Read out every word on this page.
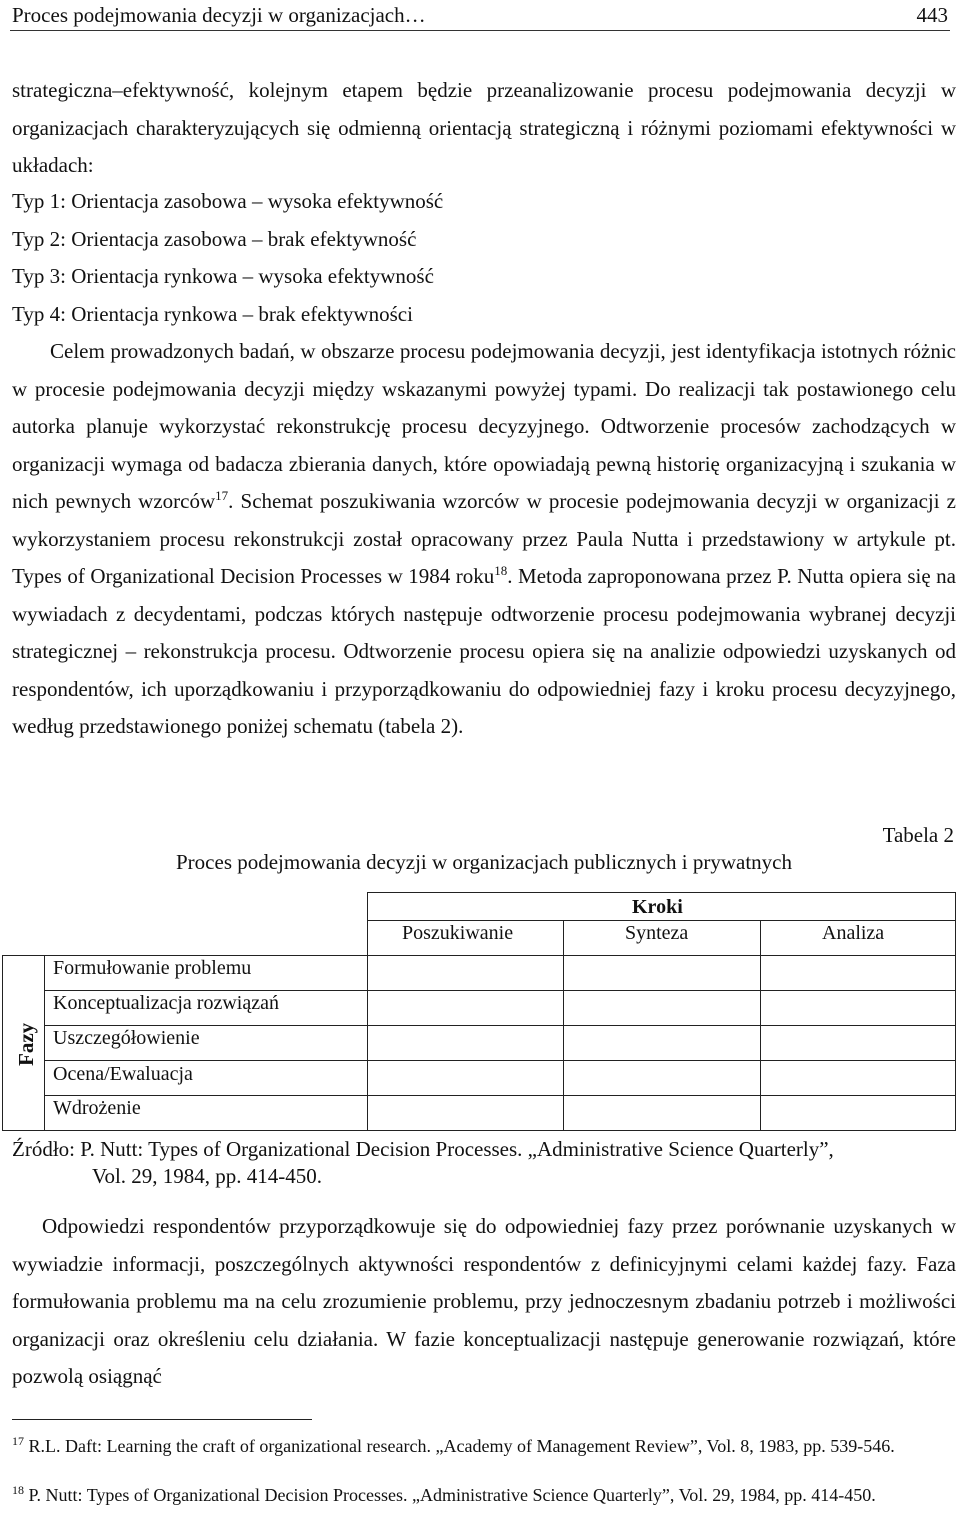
Proces podejmowania decyzji w organizacjach…	443

strategiczna–efektywność, kolejnym etapem będzie przeanalizowanie procesu podejmowania decyzji w organizacjach charakteryzujących się odmienną orientacją strategiczną i różnymi poziomami efektywności w układach:

Typ 1: Orientacja zasobowa – wysoka efektywność
Typ 2: Orientacja zasobowa – brak efektywność
Typ 3: Orientacja rynkowa – wysoka efektywność
Typ 4: Orientacja rynkowa – brak efektywności

Celem prowadzonych badań, w obszarze procesu podejmowania decyzji, jest identyfikacja istotnych różnic w procesie podejmowania decyzji między wskazanymi powyżej typami. Do realizacji tak postawionego celu autorka planuje wykorzystać rekonstrukcję procesu decyzyjnego. Odtworzenie procesów zachodzących w organizacji wymaga od badacza zbierania danych, które opowiadają pewną historię organizacyjną i szukania w nich pewnych wzorców$^{17}$. Schemat poszukiwania wzorców w procesie podejmowania decyzji w organizacji z wykorzystaniem procesu rekonstrukcji został opracowany przez Paula Nutta i przedstawiony w artykule pt. Types of Organizational Decision Processes w 1984 roku$^{18}$. Metoda zaproponowana przez P. Nutta opiera się na wywiadach z decydentami, podczas których następuje odtworzenie procesu podejmowania wybranej decyzji strategicznej – rekonstrukcja procesu. Odtworzenie procesu opiera się na analizie odpowiedzi uzyskanych od respondentów, ich uporządkowaniu i przyporządkowaniu do odpowiedniej fazy i kroku procesu decyzyjnego, według przedstawionego poniżej schematu (tabela 2).

Tabela 2
Proces podejmowania decyzji w organizacjach publicznych i prywatnych
Kroki
Poszukiwanie	Synteza	Analiza
Fazy
Formułowanie problemu
Konceptualizacja rozwiązań
Uszczegółowienie
Ocena/Ewaluacja
Wdrożenie
Źródło: P. Nutt: Types of Organizational Decision Processes. „Administrative Science Quarterly”,
Vol. 29, 1984, pp. 414-450.

Odpowiedzi respondentów przyporządkowuje się do odpowiedniej fazy przez porównanie uzyskanych w wywiadzie informacji, poszczególnych aktywności respondentów z definicyjnymi celami każdej fazy. Faza formułowania problemu ma na celu zrozumienie problemu, przy jednoczesnym zbadaniu potrzeb i możliwości organizacji oraz określeniu celu działania. W fazie konceptualizacji następuje generowanie rozwiązań, które pozwolą osiągnąć

$^{17}$ R.L. Daft: Learning the craft of organizational research. „Academy of Management Review”, Vol. 8, 1983, pp. 539-546.
$^{18}$ P. Nutt: Types of Organizational Decision Processes. „Administrative Science Quarterly”, Vol. 29, 1984, pp. 414-450.
